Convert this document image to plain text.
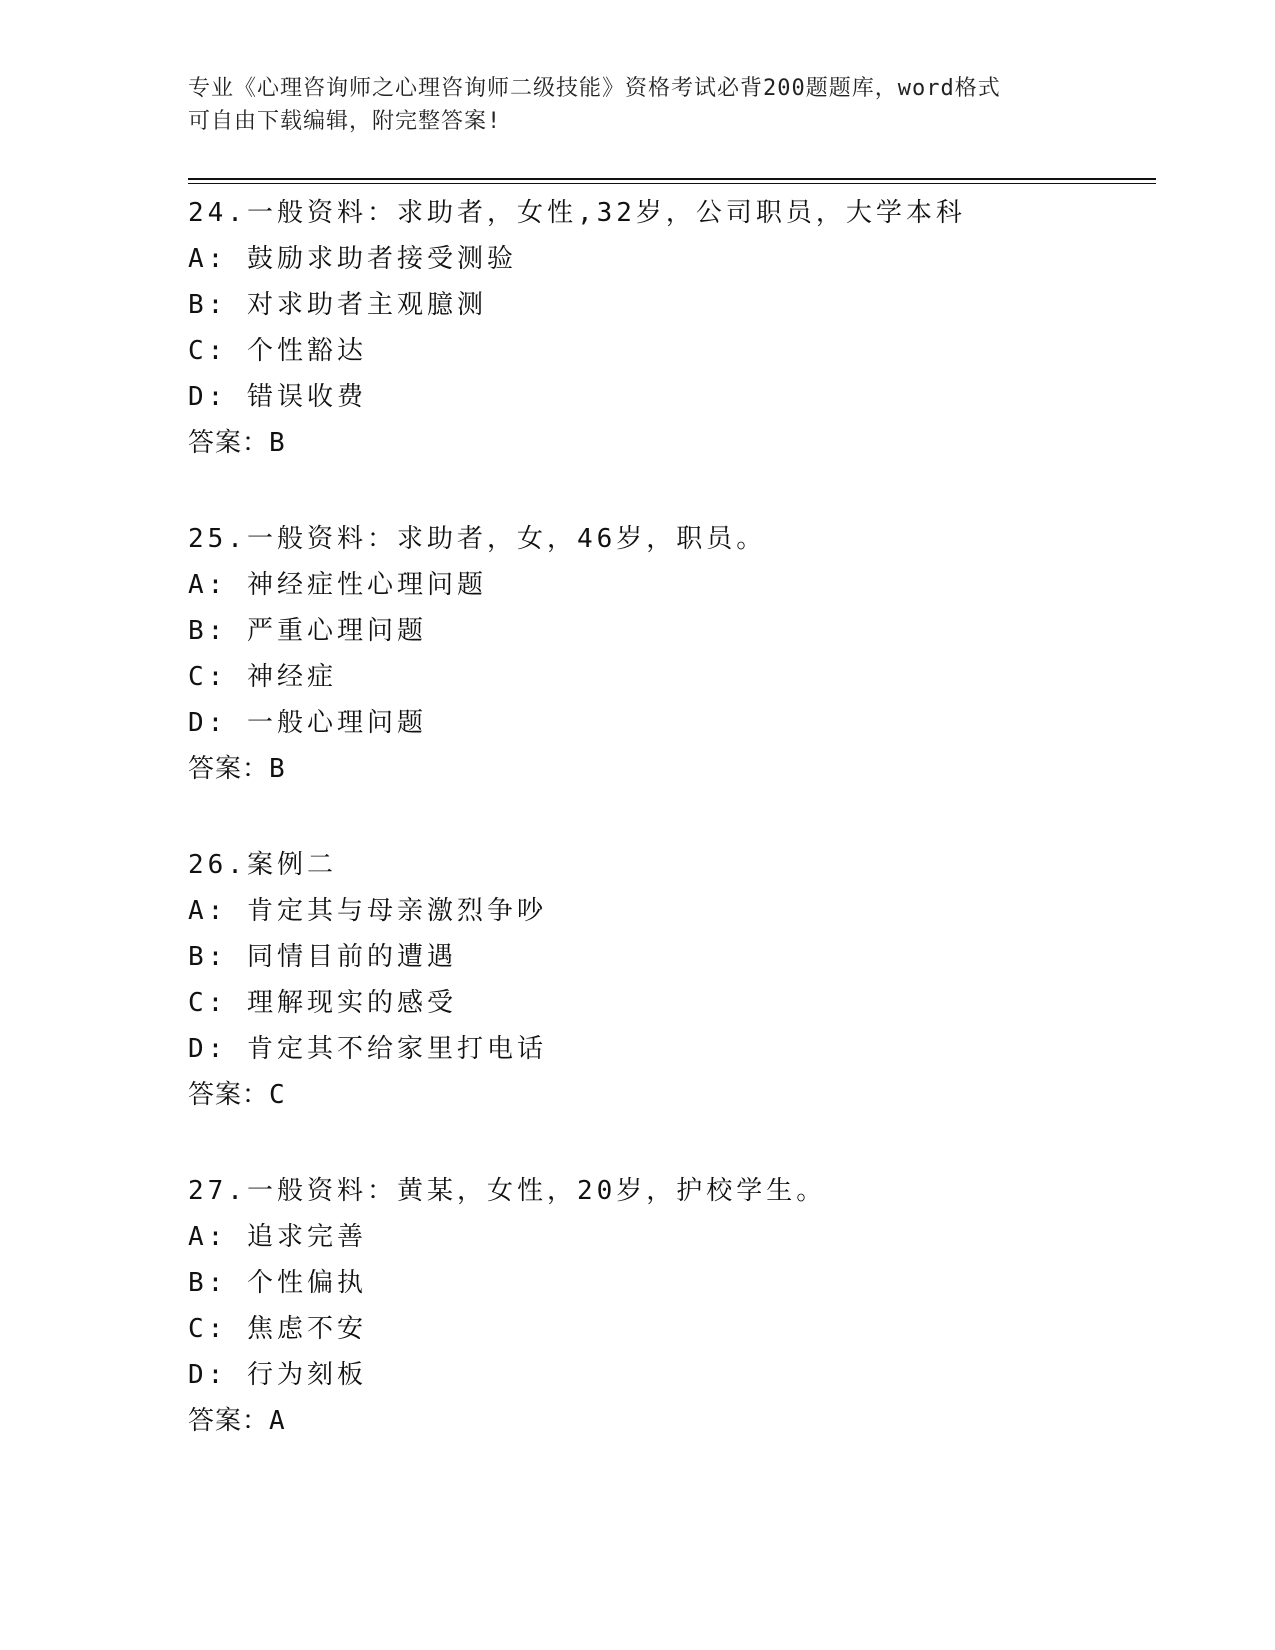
专业《心理咨询师之心理咨询师二级技能》资格考试必背200题题库，word格式
可自由下载编辑，附完整答案!
24.一般资料：求助者，女性,32岁，公司职员，大学本科
A: 鼓励求助者接受测验
B: 对求助者主观臆测
C: 个性豁达
D: 错误收费
答案：B
25.一般资料：求助者，女，46岁，职员。
A: 神经症性心理问题
B: 严重心理问题
C: 神经症
D: 一般心理问题
答案：B
26.案例二
A: 肯定其与母亲激烈争吵
B: 同情目前的遭遇
C: 理解现实的感受
D: 肯定其不给家里打电话
答案：C
27.一般资料：黄某，女性，20岁，护校学生。
A: 追求完善
B: 个性偏执
C: 焦虑不安
D: 行为刻板
答案：A
